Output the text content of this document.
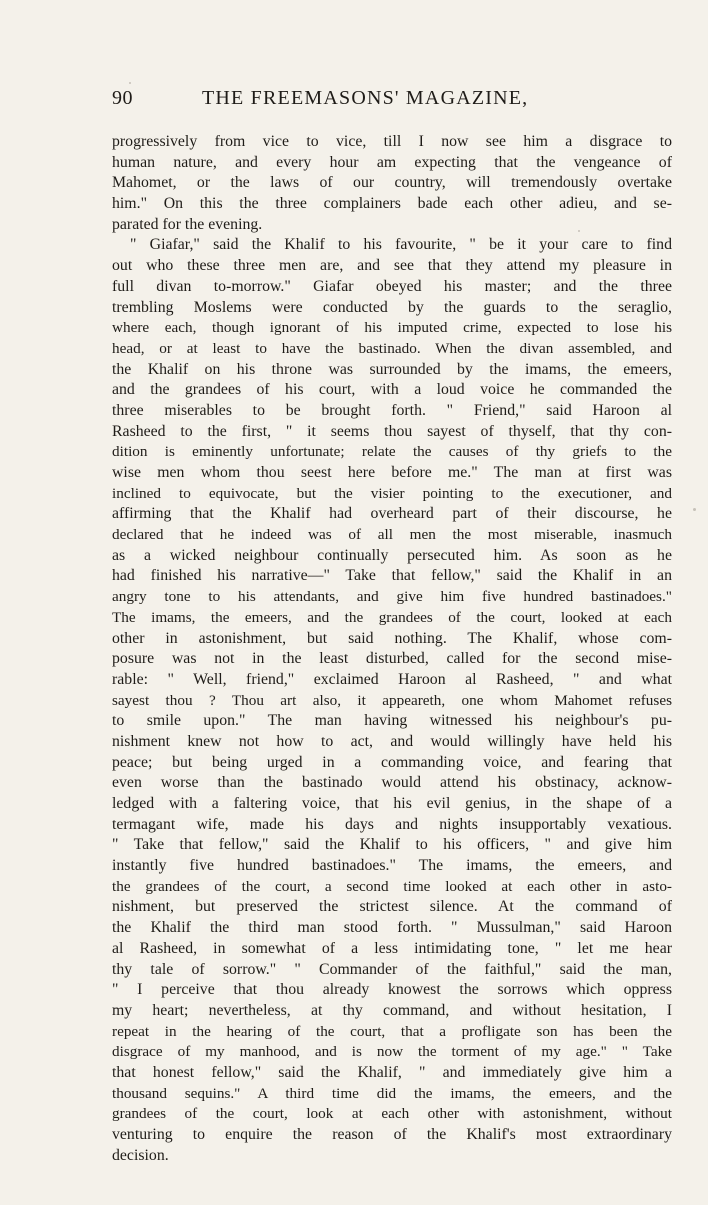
90	THE FREEMASONS' MAGAZINE,
progressively from vice to vice, till I now see him a disgrace to
human nature, and every hour am expecting that the vengeance of
Mahomet, or the laws of our country, will tremendously overtake
him." On this the three complainers bade each other adieu, and se-
parated for the evening.
" Giafar," said the Khalif to his favourite, " be it your care to find
out who these three men are, and see that they attend my pleasure in
full divan to-morrow." Giafar obeyed his master; and the three
trembling Moslems were conducted by the guards to the seraglio,
where each, though ignorant of his imputed crime, expected to lose his
head, or at least to have the bastinado. When the divan assembled, and
the Khalif on his throne was surrounded by the imams, the emeers,
and the grandees of his court, with a loud voice he commanded the
three miserables to be brought forth. " Friend," said Haroon al
Rasheed to the first, " it seems thou sayest of thyself, that thy con-
dition is eminently unfortunate; relate the causes of thy griefs to the
wise men whom thou seest here before me." The man at first was
inclined to equivocate, but the visier pointing to the executioner, and
affirming that the Khalif had overheard part of their discourse, he
declared that he indeed was of all men the most miserable, inasmuch
as a wicked neighbour continually persecuted him. As soon as he
had finished his narrative—" Take that fellow," said the Khalif in an
angry tone to his attendants, and give him five hundred bastinadoes."
The imams, the emeers, and the grandees of the court, looked at each
other in astonishment, but said nothing. The Khalif, whose com-
posure was not in the least disturbed, called for the second mise-
rable: " Well, friend," exclaimed Haroon al Rasheed, " and what
sayest thou ? Thou art also, it appeareth, one whom Mahomet refuses
to smile upon." The man having witnessed his neighbour's pu-
nishment knew not how to act, and would willingly have held his
peace; but being urged in a commanding voice, and fearing that
even worse than the bastinado would attend his obstinacy, acknow-
ledged with a faltering voice, that his evil genius, in the shape of a
termagant wife, made his days and nights insupportably vexatious.
" Take that fellow," said the Khalif to his officers, " and give him
instantly five hundred bastinadoes." The imams, the emeers, and
the grandees of the court, a second time looked at each other in asto-
nishment, but preserved the strictest silence. At the command of
the Khalif the third man stood forth. " Mussulman," said Haroon
al Rasheed, in somewhat of a less intimidating tone, " let me hear
thy tale of sorrow." " Commander of the faithful," said the man,
" I perceive that thou already knowest the sorrows which oppress
my heart; nevertheless, at thy command, and without hesitation, I
repeat in the hearing of the court, that a profligate son has been the
disgrace of my manhood, and is now the torment of my age." " Take
that honest fellow," said the Khalif, " and immediately give him a
thousand sequins." A third time did the imams, the emeers, and the
grandees of the court, look at each other with astonishment, without
venturing to enquire the reason of the Khalif's most extraordinary
decision.
